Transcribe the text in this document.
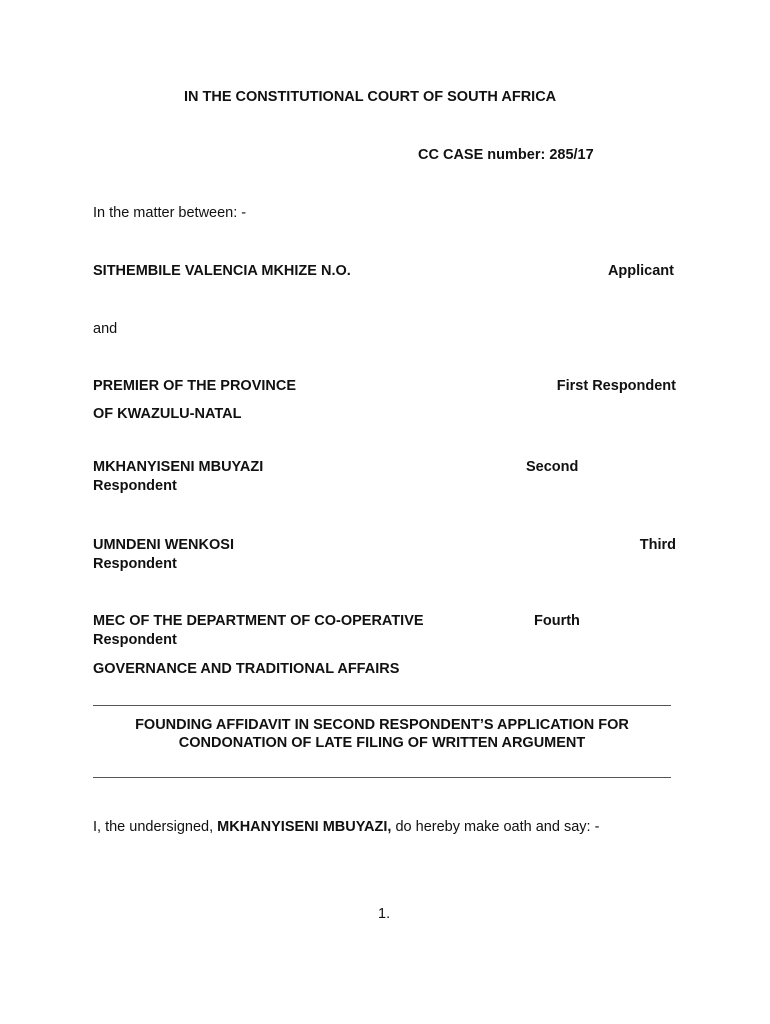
IN THE CONSTITUTIONAL COURT OF SOUTH AFRICA
CC CASE number: 285/17
In the matter between: -
SITHEMBILE VALENCIA MKHIZE N.O.	Applicant
and
PREMIER OF THE PROVINCE	First Respondent
OF KWAZULU-NATAL
MKHANYISENI MBUYAZI	Second
Respondent
UMNDENI WENKOSI	Third
Respondent
MEC OF THE DEPARTMENT OF CO-OPERATIVE	Fourth
Respondent
GOVERNANCE AND TRADITIONAL AFFAIRS
FOUNDING AFFIDAVIT IN SECOND RESPONDENT’S APPLICATION FOR
CONDONATION OF LATE FILING OF WRITTEN ARGUMENT
I, the undersigned, MKHANYISENI MBUYAZI, do hereby make oath and say: -
1.
